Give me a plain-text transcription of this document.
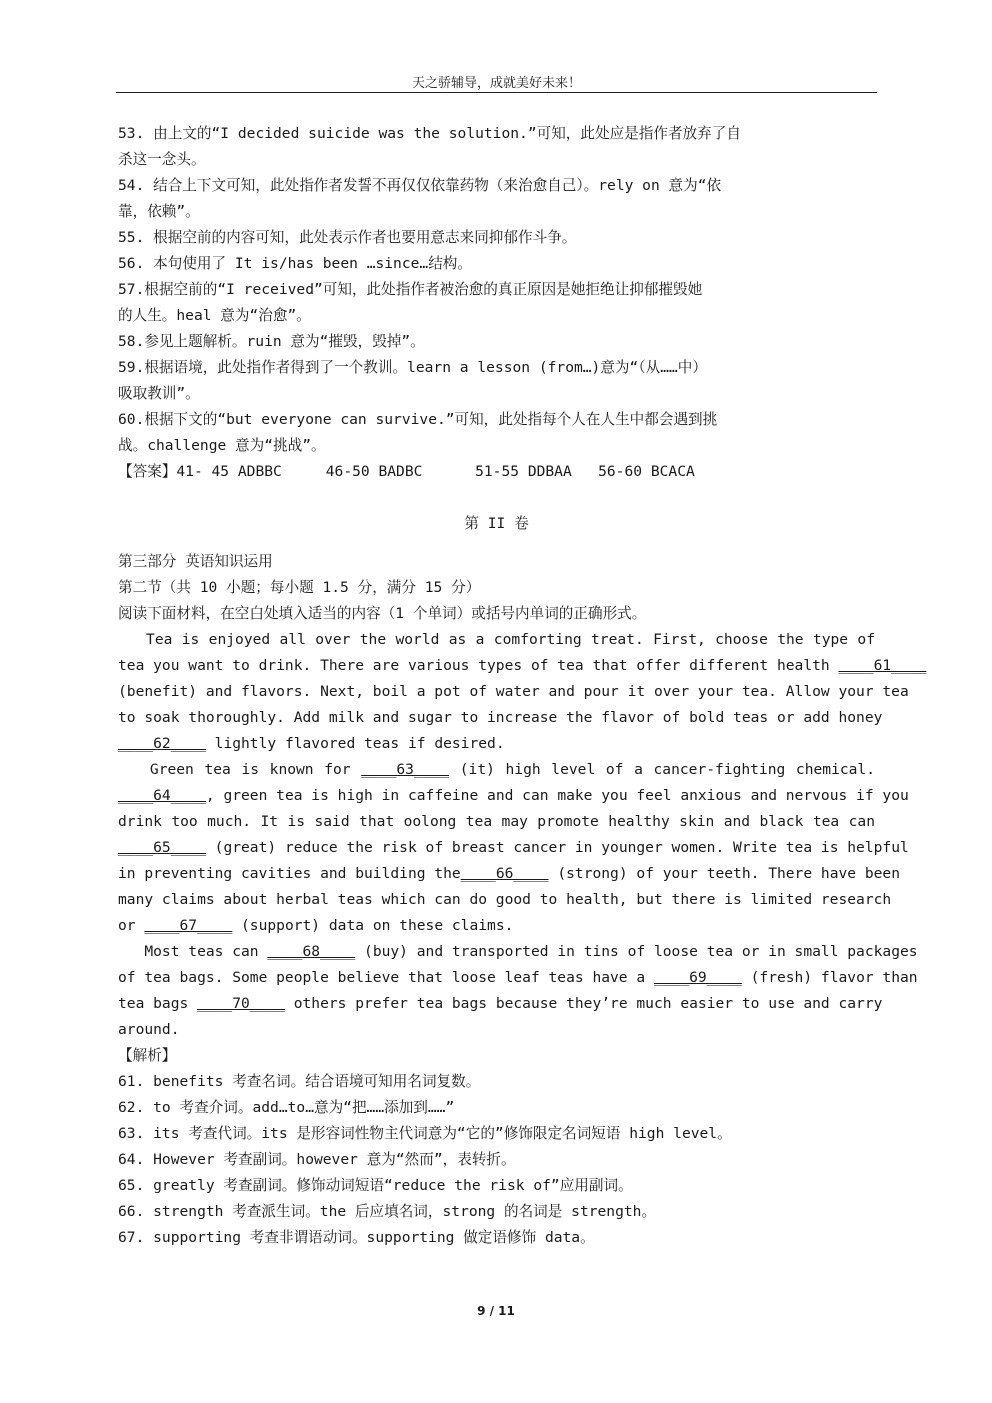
天之骄辅导，成就美好未来！
53. 由上文的“I decided suicide was the solution.”可知，此处应是指作者放弃了自
杀这一念头。
54. 结合上下文可知，此处指作者发誓不再仅仅依靠药物（来治愈自己）。rely on 意为“依
靠，依赖”。
55. 根据空前的内容可知，此处表示作者也要用意志来同抑郁作斗争。
56. 本句使用了 It is/has been …since…结构。
57.根据空前的“I received”可知，此处指作者被治愈的真正原因是她拒绝让抑郁摧毁她
的人生。heal 意为“治愈”。
58.参见上题解析。ruin 意为“摧毁，毁掉”。
59.根据语境，此处指作者得到了一个教训。learn a lesson (from…)意为“（从……中）
吸取教训”。
60.根据下文的“but everyone can survive.”可知，此处指每个人在人生中都会遇到挑
战。challenge 意为“挑战”。
【答案】41- 45 ADBBC     46-50 BADBC      51-55 DDBAA   56-60 BCACA
第 II 卷
第三部分 英语知识运用
第二节（共 10 小题；每小题 1.5 分，满分 15 分）
阅读下面材料，在空白处填入适当的内容（1 个单词）或括号内单词的正确形式。
Tea is enjoyed all over the world as a comforting treat. First, choose the type of
tea you want to drink. There are various types of tea that offer different health ____61____
(benefit) and flavors. Next, boil a pot of water and pour it over your tea. Allow your tea
to soak thoroughly. Add milk and sugar to increase the flavor of bold teas or add honey
____62____ lightly flavored teas if desired.
Green tea is known for ____63____ (it) high level of a cancer-fighting chemical.
____64____, green tea is high in caffeine and can make you feel anxious and nervous if you
drink too much. It is said that oolong tea may promote healthy skin and black tea can
____65____ (great) reduce the risk of breast cancer in younger women. Write tea is helpful
in preventing cavities and building the____66____ (strong) of your teeth. There have been
many claims about herbal teas which can do good to health, but there is limited research
or ____67____ (support) data on these claims.
Most teas can ____68____ (buy) and transported in tins of loose tea or in small packages
of tea bags. Some people believe that loose leaf teas have a ____69____ (fresh) flavor than
tea bags ____70____ others prefer tea bags because they’re much easier to use and carry
around.
【解析】
61. benefits 考查名词。结合语境可知用名词复数。
62. to 考查介词。add…to…意为“把……添加到……”
63. its 考查代词。its 是形容词性物主代词意为“它的”修饰限定名词短语 high level。
64. However 考查副词。however 意为“然而”，表转折。
65. greatly 考查副词。修饰动词短语“reduce the risk of”应用副词。
66. strength 考查派生词。the 后应填名词，strong 的名词是 strength。
67. supporting 考查非谓语动词。supporting 做定语修饰 data。
9 / 11
